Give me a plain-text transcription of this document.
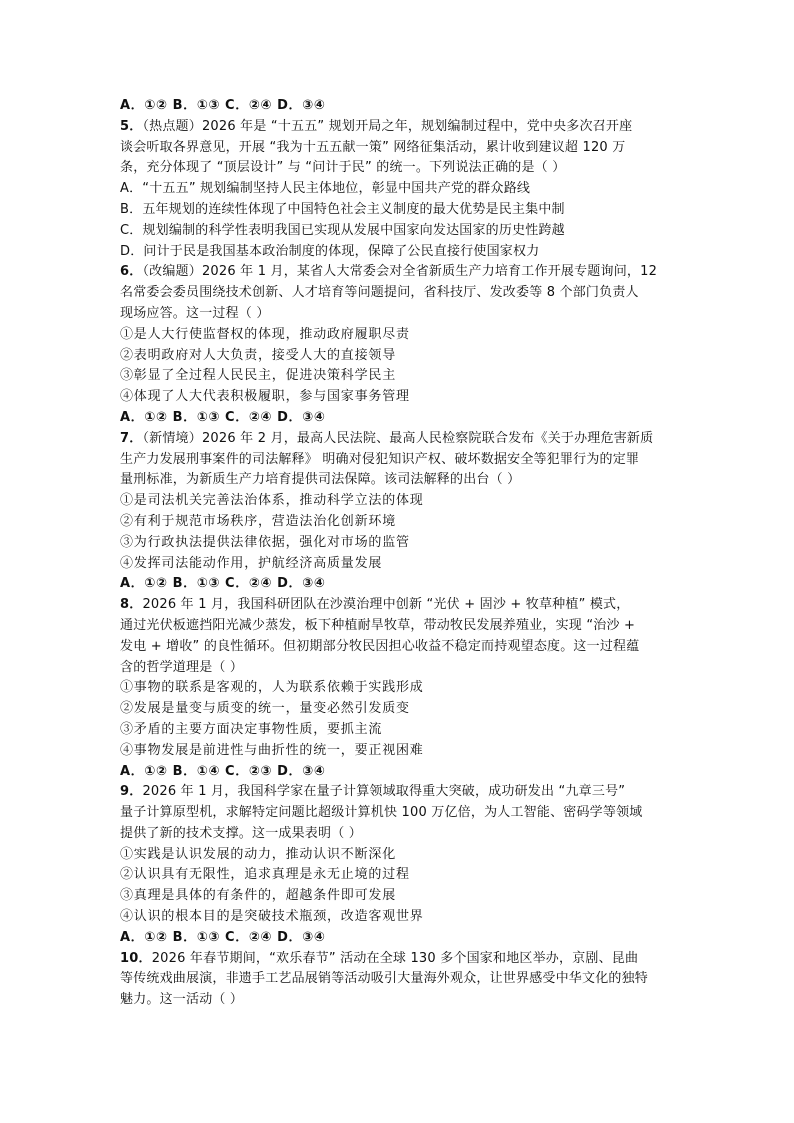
A．①② B．①③ C．②④ D．③④
5．（热点题）2026 年是 “十五五” 规划开局之年，规划编制过程中，党中央多次召开座
谈会听取各界意见，开展 “我为十五五献一策” 网络征集活动，累计收到建议超 120 万
条，充分体现了 “顶层设计” 与 “问计于民” 的统一。下列说法正确的是（ ）
A．“十五五” 规划编制坚持人民主体地位，彰显中国共产党的群众路线
B．五年规划的连续性体现了中国特色社会主义制度的最大优势是民主集中制
C．规划编制的科学性表明我国已实现从发展中国家向发达国家的历史性跨越
D．问计于民是我国基本政治制度的体现，保障了公民直接行使国家权力
6．（改编题）2026 年 1 月，某省人大常委会对全省新质生产力培育工作开展专题询问，12
名常委会委员围绕技术创新、人才培育等问题提问，省科技厅、发改委等 8 个部门负责人
现场应答。这一过程（ ）
①是人大行使监督权的体现，推动政府履职尽责
②表明政府对人大负责，接受人大的直接领导
③彰显了全过程人民民主，促进决策科学民主
④体现了人大代表积极履职，参与国家事务管理
A．①② B．①③ C．②④ D．③④
7．（新情境）2026 年 2 月，最高人民法院、最高人民检察院联合发布《关于办理危害新质
生产力发展刑事案件的司法解释》 明确对侵犯知识产权、破坏数据安全等犯罪行为的定罪
量刑标准，为新质生产力培育提供司法保障。该司法解释的出台（ ）
①是司法机关完善法治体系，推动科学立法的体现
②有利于规范市场秩序，营造法治化创新环境
③为行政执法提供法律依据，强化对市场的监管
④发挥司法能动作用，护航经济高质量发展
A．①② B．①③ C．②④ D．③④
8．2026 年 1 月，我国科研团队在沙漠治理中创新 “光伏 + 固沙 + 牧草种植” 模式，
通过光伏板遮挡阳光减少蒸发，板下种植耐旱牧草，带动牧民发展养殖业，实现 “治沙 +
发电 + 增收” 的良性循环。但初期部分牧民因担心收益不稳定而持观望态度。这一过程蕴
含的哲学道理是（ ）
①事物的联系是客观的，人为联系依赖于实践形成
②发展是量变与质变的统一，量变必然引发质变
③矛盾的主要方面决定事物性质，要抓主流
④事物发展是前进性与曲折性的统一，要正视困难
A．①② B．①④ C．②③ D．③④
9．2026 年 1 月，我国科学家在量子计算领域取得重大突破，成功研发出 “九章三号”
量子计算原型机，求解特定问题比超级计算机快 100 万亿倍，为人工智能、密码学等领域
提供了新的技术支撑。这一成果表明（ ）
①实践是认识发展的动力，推动认识不断深化
②认识具有无限性，追求真理是永无止境的过程
③真理是具体的有条件的，超越条件即可发展
④认识的根本目的是突破技术瓶颈，改造客观世界
A．①② B．①③ C．②④ D．③④
10．2026 年春节期间，“欢乐春节” 活动在全球 130 多个国家和地区举办，京剧、昆曲
等传统戏曲展演，非遗手工艺品展销等活动吸引大量海外观众，让世界感受中华文化的独特
魅力。这一活动（ ）
